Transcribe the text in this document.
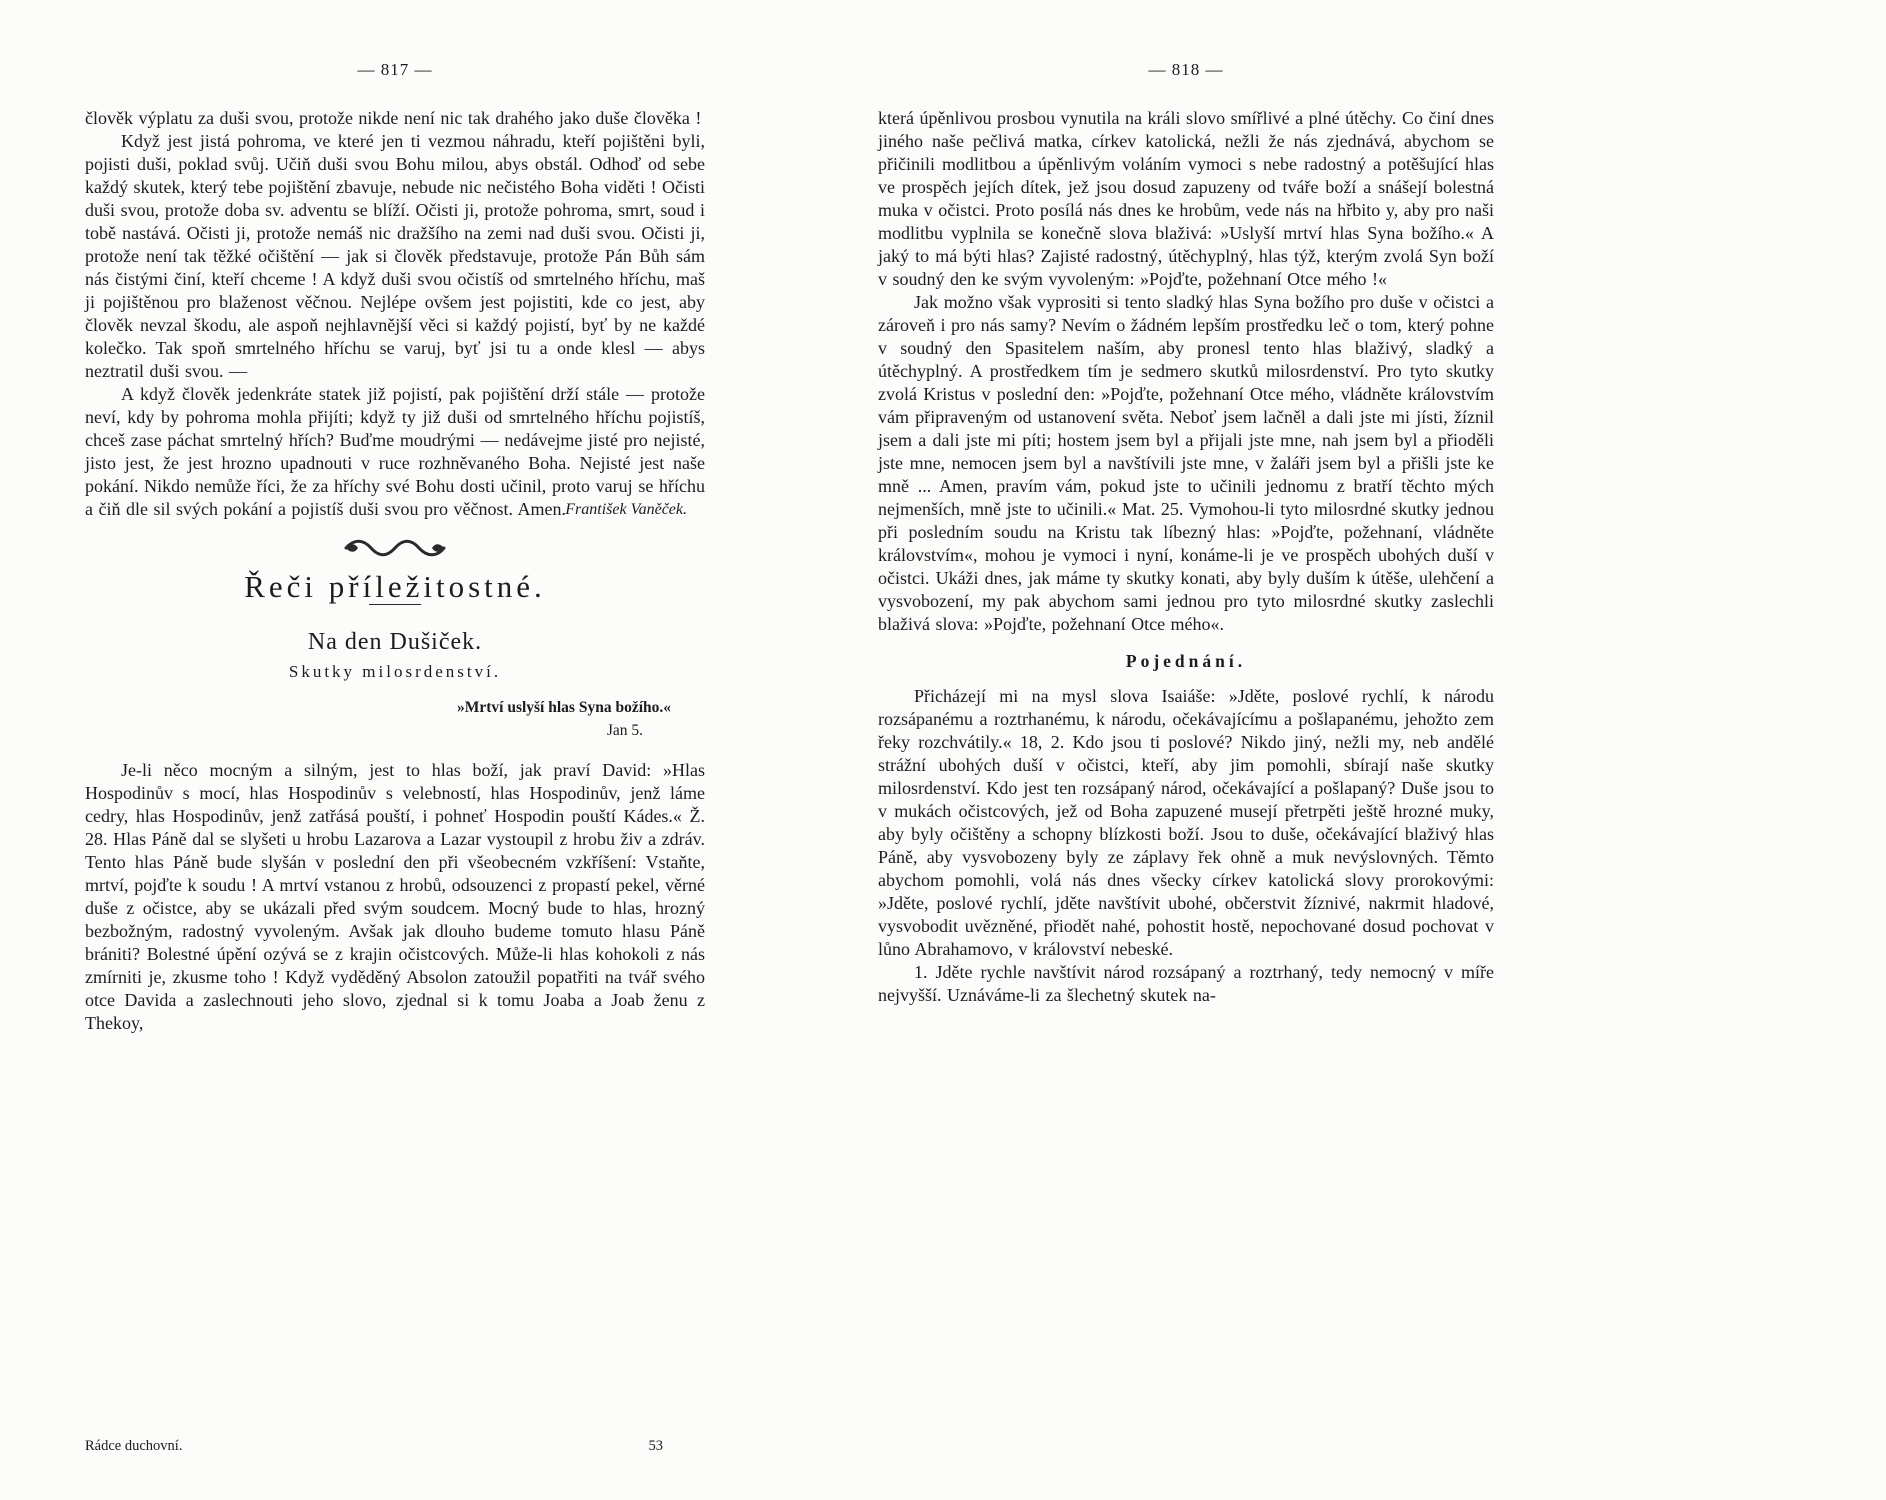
— 817 —

člověk výplatu za duši svou, protože nikde není nic tak drahého jako duše člověka !

Když jest jistá pohroma, ve které jen ti vezmou náhradu, kteří pojištěni byli, pojisti duši, poklad svůj. Učiň duši svou Bohu milou, abys obstál. Odhoď od sebe každý skutek, který tebe pojištění zbavuje, nebude nic nečistého Boha viděti ! Očisti duši svou, protože doba sv. adventu se blíží. Očisti ji, protože pohroma, smrt, soud i tobě nastává. Očisti ji, protože nemáš nic dražšího na zemi nad duši svou. Očisti ji, protože není tak těžké očištění — jak si člověk představuje, protože Pán Bůh sám nás čistými činí, kteří chceme ! A když duši svou očistíš od smrtelného hříchu, maš ji pojištěnou pro blaženost věčnou. Nejlépe ovšem jest pojistiti, kde co jest, aby člověk nevzal škodu, ale aspoň nejhlavnější věci si každý pojistí, byť by ne každé kolečko. Tak spoň smrtelného hříchu se varuj, byť jsi tu a onde klesl — abys neztratil duši svou. —

A když člověk jedenkráte statek již pojistí, pak pojištění drží stále — protože neví, kdy by pohroma mohla přijíti; když ty již duši od smrtelného hříchu pojistíš, chceš zase páchat smrtelný hřích? Buďme moudrými — nedávejme jisté pro nejisté, jisto jest, že jest hrozno upadnouti v ruce rozhněvaného Boha. Nejisté jest naše pokání. Nikdo nemůže říci, že za hříchy své Bohu dosti učinil, proto varuj se hříchu a čiň dle sil svých pokání a pojistíš duši svou pro věčnost. Amen. František Vaněček.
Řeči příležitostné.
Na den Dušiček.
Skutky milosrdenství.
»Mrtví uslyší hlas Syna božího.«
Jan 5.

Je-li něco mocným a silným, jest to hlas boží, jak praví David: »Hlas Hospodinův s mocí, hlas Hospodinův s velebností, hlas Hospodinův, jenž láme cedry, hlas Hospodinův, jenž zatřásá pouští, i pohneť Hospodin pouští Kádes.« Ž. 28. Hlas Páně dal se slyšeti u hrobu Lazarova a Lazar vystoupil z hrobu živ a zdráv. Tento hlas Páně bude slyšán v poslední den při všeobecném vzkříšení: Vstaňte, mrtví, pojďte k soudu ! A mrtví vstanou z hrobů, odsouzenci z propastí pekel, věrné duše z očistce, aby se ukázali před svým soudcem. Mocný bude to hlas, hrozný bezbožným, radostný vyvoleným. Avšak jak dlouho budeme tomuto hlasu Páně brániti? Bolestné úpění ozývá se z krajin očistcových. Může-li hlas kohokoli z nás zmírniti je, zkusme toho ! Když vyděděný Absolon zatoužil popatřiti na tvář svého otce Davida a zaslechnouti jeho slovo, zjednal si k tomu Joaba a Joab ženu z Thekoy,

Rádce duchovní.	53
— 818 —

která úpěnlivou prosbou vynutila na králi slovo smířlivé a plné útěchy. Co činí dnes jiného naše pečlivá matka, církev katolická, nežli že nás zjednává, abychom se přičinili modlitbou a úpěnlivým voláním vymoci s nebe radostný a potěšující hlas ve prospěch jejích dítek, jež jsou dosud zapuzeny od tváře boží a snášejí bolestná muka v očistci. Proto posílá nás dnes ke hrobům, vede nás na hřbito y, aby pro naši modlitbu vyplnila se konečně slova blaživá: »Uslyší mrtví hlas Syna božího.« A jaký to má býti hlas? Zajisté radostný, útěchyplný, hlas týž, kterým zvolá Syn boží v soudný den ke svým vyvoleným: »Pojďte, požehnaní Otce mého !«

Jak možno však vyprositi si tento sladký hlas Syna božího pro duše v očistci a zároveň i pro nás samy? Nevím o žádném lepším prostředku leč o tom, který pohne v soudný den Spasitelem naším, aby pronesl tento hlas blaživý, sladký a útěchyplný. A prostředkem tím je sedmero skutků milosrdenství. Pro tyto skutky zvolá Kristus v poslední den: »Pojďte, požehnaní Otce mého, vládněte královstvím vám připraveným od ustanovení světa. Neboť jsem lačněl a dali jste mi jísti, žíznil jsem a dali jste mi píti; hostem jsem byl a přijali jste mne, nah jsem byl a přioděli jste mne, nemocen jsem byl a navštívili jste mne, v žaláři jsem byl a přišli jste ke mně ... Amen, pravím vám, pokud jste to učinili jednomu z bratří těchto mých nejmenších, mně jste to učinili.« Mat. 25. Vymohou-li tyto milosrdné skutky jednou při posledním soudu na Kristu tak líbezný hlas: »Pojďte, požehnaní, vládněte královstvím«, mohou je vymoci i nyní, konáme-li je ve prospěch ubohých duší v očistci. Ukáži dnes, jak máme ty skutky konati, aby byly duším k útěše, ulehčení a vysvobození, my pak abychom sami jednou pro tyto milosrdné skutky zaslechli blaživá slova: »Pojďte, požehnaní Otce mého«.

Pojednání.

Přicházejí mi na mysl slova Isaiáše: »Jděte, poslové rychlí, k národu rozsápanému a roztrhanému, k národu, očekávajícímu a pošlapanému, jehožto zem řeky rozchvátily.« 18, 2. Kdo jsou ti poslové? Nikdo jiný, nežli my, neb andělé strážní ubohých duší v očistci, kteří, aby jim pomohli, sbírají naše skutky milosrdenství. Kdo jest ten rozsápaný národ, očekávající a pošlapaný? Duše jsou to v mukách očistcových, jež od Boha zapuzené musejí přetrpěti ještě hrozné muky, aby byly očištěny a schopny blízkosti boží. Jsou to duše, očekávající blaživý hlas Páně, aby vysvobozeny byly ze záplavy řek ohně a muk nevýslovných. Těmto abychom pomohli, volá nás dnes všecky církev katolická slovy prorokovými: »Jděte, poslové rychlí, jděte navštívit ubohé, občerstvit žíznivé, nakrmit hladové, vysvobodit uvězněné, přiodět nahé, pohostit hostě, nepochované dosud pochovat v lůno Abrahamovo, v království nebeské.

1. Jděte rychle navštívit národ rozsápaný a roztrhaný, tedy nemocný v míře nejvyšší. Uznáváme-li za šlechetný skutek na-
